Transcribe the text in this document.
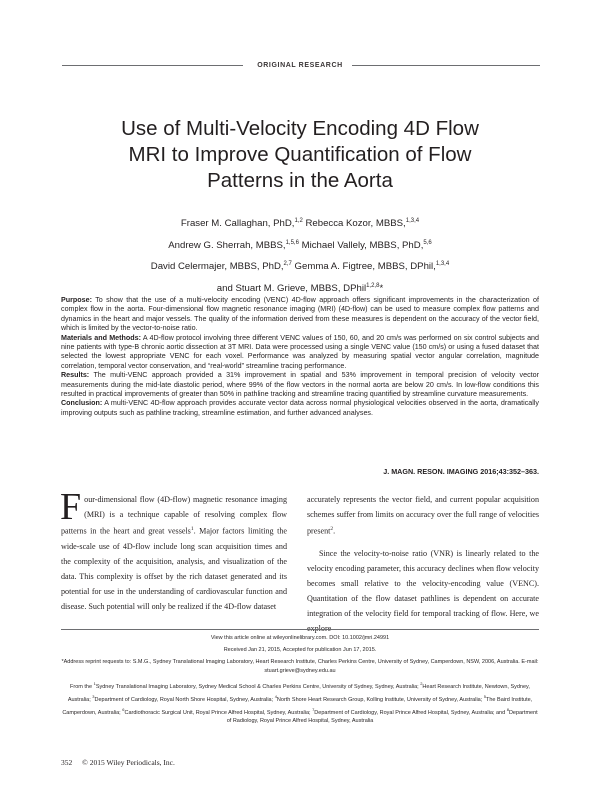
ORIGINAL RESEARCH
Use of Multi-Velocity Encoding 4D Flow
MRI to Improve Quantification of Flow
Patterns in the Aorta
Fraser M. Callaghan, PhD,$^{1,2}$ Rebecca Kozor, MBBS,$^{1,3,4}$
Andrew G. Sherrah, MBBS,$^{1,5,6}$ Michael Vallely, MBBS, PhD,$^{5,6}$
David Celermajer, MBBS, PhD,$^{2,7}$ Gemma A. Figtree, MBBS, DPhil,$^{1,3,4}$
and Stuart M. Grieve, MBBS, DPhil$^{1,2,8}$*

Purpose: To show that the use of a multi-velocity encoding (VENC) 4D-flow approach offers significant improvements in the characterization of complex flow in the aorta. Four-dimensional flow magnetic resonance imaging (MRI) (4D-flow) can be used to measure complex flow patterns and dynamics in the heart and major vessels. The quality of the information derived from these measures is dependent on the accuracy of the vector field, which is limited by the vector-to-noise ratio.

Materials and Methods: A 4D-flow protocol involving three different VENC values of 150, 60, and 20 cm/s was performed on six control subjects and nine patients with type-B chronic aortic dissection at 3T MRI. Data were processed using a single VENC value (150 cm/s) or using a fused dataset that selected the lowest appropriate VENC for each voxel. Performance was analyzed by measuring spatial vector angular correlation, magnitude correlation, temporal vector conservation, and “real-world” streamline tracing performance.

Results: The multi-VENC approach provided a 31% improvement in spatial and 53% improvement in temporal precision of velocity vector measurements during the mid-late diastolic period, where 99% of the flow vectors in the normal aorta are below 20 cm/s. In low-flow conditions this resulted in practical improvements of greater than 50% in pathline tracking and streamline tracing quantified by streamline curvature measurements.

Conclusion: A multi-VENC 4D-flow approach provides accurate vector data across normal physiological velocities observed in the aorta, dramatically improving outputs such as pathline tracking, streamline estimation, and further advanced analyses.

J. MAGN. RESON. IMAGING 2016;43:352–363.

Four-dimensional flow (4D-flow) magnetic resonance imaging (MRI) is a technique capable of resolving complex flow patterns in the heart and great vessels$^1$. Major factors limiting the wide-scale use of 4D-flow include long scan acquisition times and the complexity of the acquisition, analysis, and visualization of the data. This complexity is offset by the rich dataset generated and its potential for use in the understanding of cardiovascular function and disease. Such potential will only be realized if the 4D-flow dataset

accurately represents the vector field, and current popular acquisition schemes suffer from limits on accuracy over the full range of velocities present$^2$.

Since the velocity-to-noise ratio (VNR) is linearly related to the velocity encoding parameter, this accuracy declines when flow velocity becomes small relative to the velocity-encoding value (VENC). Quantitation of the flow dataset pathlines is dependent on accurate integration of the velocity field for temporal tracking of flow. Here, we explore

View this article online at wileyonlinelibrary.com. DOI: 10.1002/jmri.24991

Received Jan 21, 2015, Accepted for publication Jun 17, 2015.

*Address reprint requests to: S.M.G., Sydney Translational Imaging Laboratory, Heart Research Institute, Charles Perkins Centre, University of Sydney, Camperdown, NSW, 2006, Australia. E-mail: stuart.grieve@sydney.edu.au

From the $^1$Sydney Translational Imaging Laboratory, Sydney Medical School & Charles Perkins Centre, University of Sydney, Sydney, Australia; $^2$Heart Research Institute, Newtown, Sydney, Australia; $^3$Department of Cardiology, Royal North Shore Hospital, Sydney, Australia; $^4$North Shore Heart Research Group, Kolling Institute, University of Sydney, Australia; $^5$The Baird Institute, Camperdown, Australia; $^6$Cardiothoracic Surgical Unit, Royal Prince Alfred Hospital, Sydney, Australia; $^7$Department of Cardiology, Royal Prince Alfred Hospital, Sydney, Australia; and $^8$Department of Radiology, Royal Prince Alfred Hospital, Sydney, Australia

352 © 2015 Wiley Periodicals, Inc.
